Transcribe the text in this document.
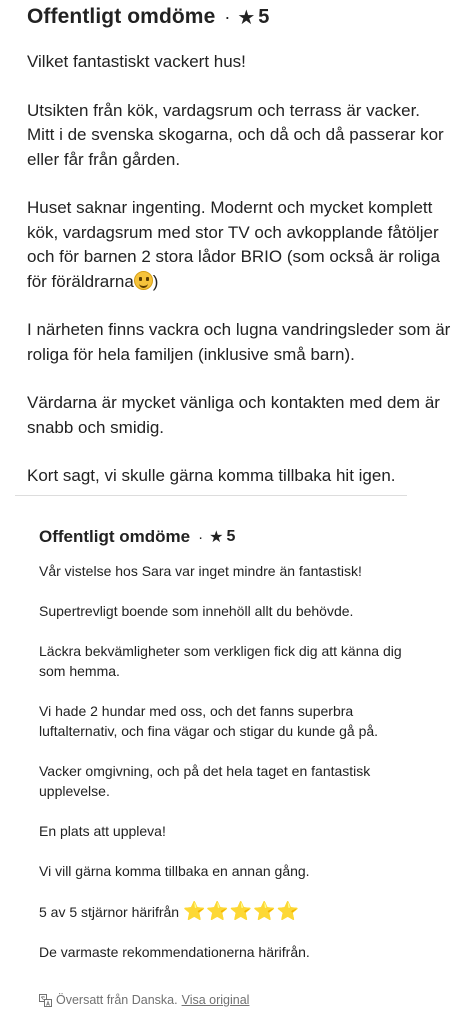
Offentligt omdöme · ★ 5

Vilket fantastiskt vackert hus!

Utsikten från kök, vardagsrum och terrass är vacker. Mitt i de svenska skogarna, och då och då passerar kor eller får från gården.

Huset saknar ingenting. Modernt och mycket komplett kök, vardagsrum med stor TV och avkopplande fåtöljer och för barnen 2 stora lådor BRIO (som också är roliga för föräldrarna )

I närheten finns vackra och lugna vandringsleder som är roliga för hela familjen (inklusive små barn).

Värdarna är mycket vänliga och kontakten med dem är snabb och smidig.

Kort sagt, vi skulle gärna komma tillbaka hit igen.

Offentligt omdöme · ★ 5

Vår vistelse hos Sara var inget mindre än fantastisk!

Supertrevligt boende som innehöll allt du behövde.

Läckra bekvämligheter som verkligen fick dig att känna dig som hemma.

Vi hade 2 hundar med oss, och det fanns superbra luftalternativ, och fina vägar och stigar du kunde gå på.

Vacker omgivning, och på det hela taget en fantastisk upplevelse.

En plats att uppleva!

Vi vill gärna komma tillbaka en annan gång.

5 av 5 stjärnor härifrån ⭐⭐⭐⭐⭐

De varmaste rekommendationerna härifrån.

Översatt från Danska. Visa original
